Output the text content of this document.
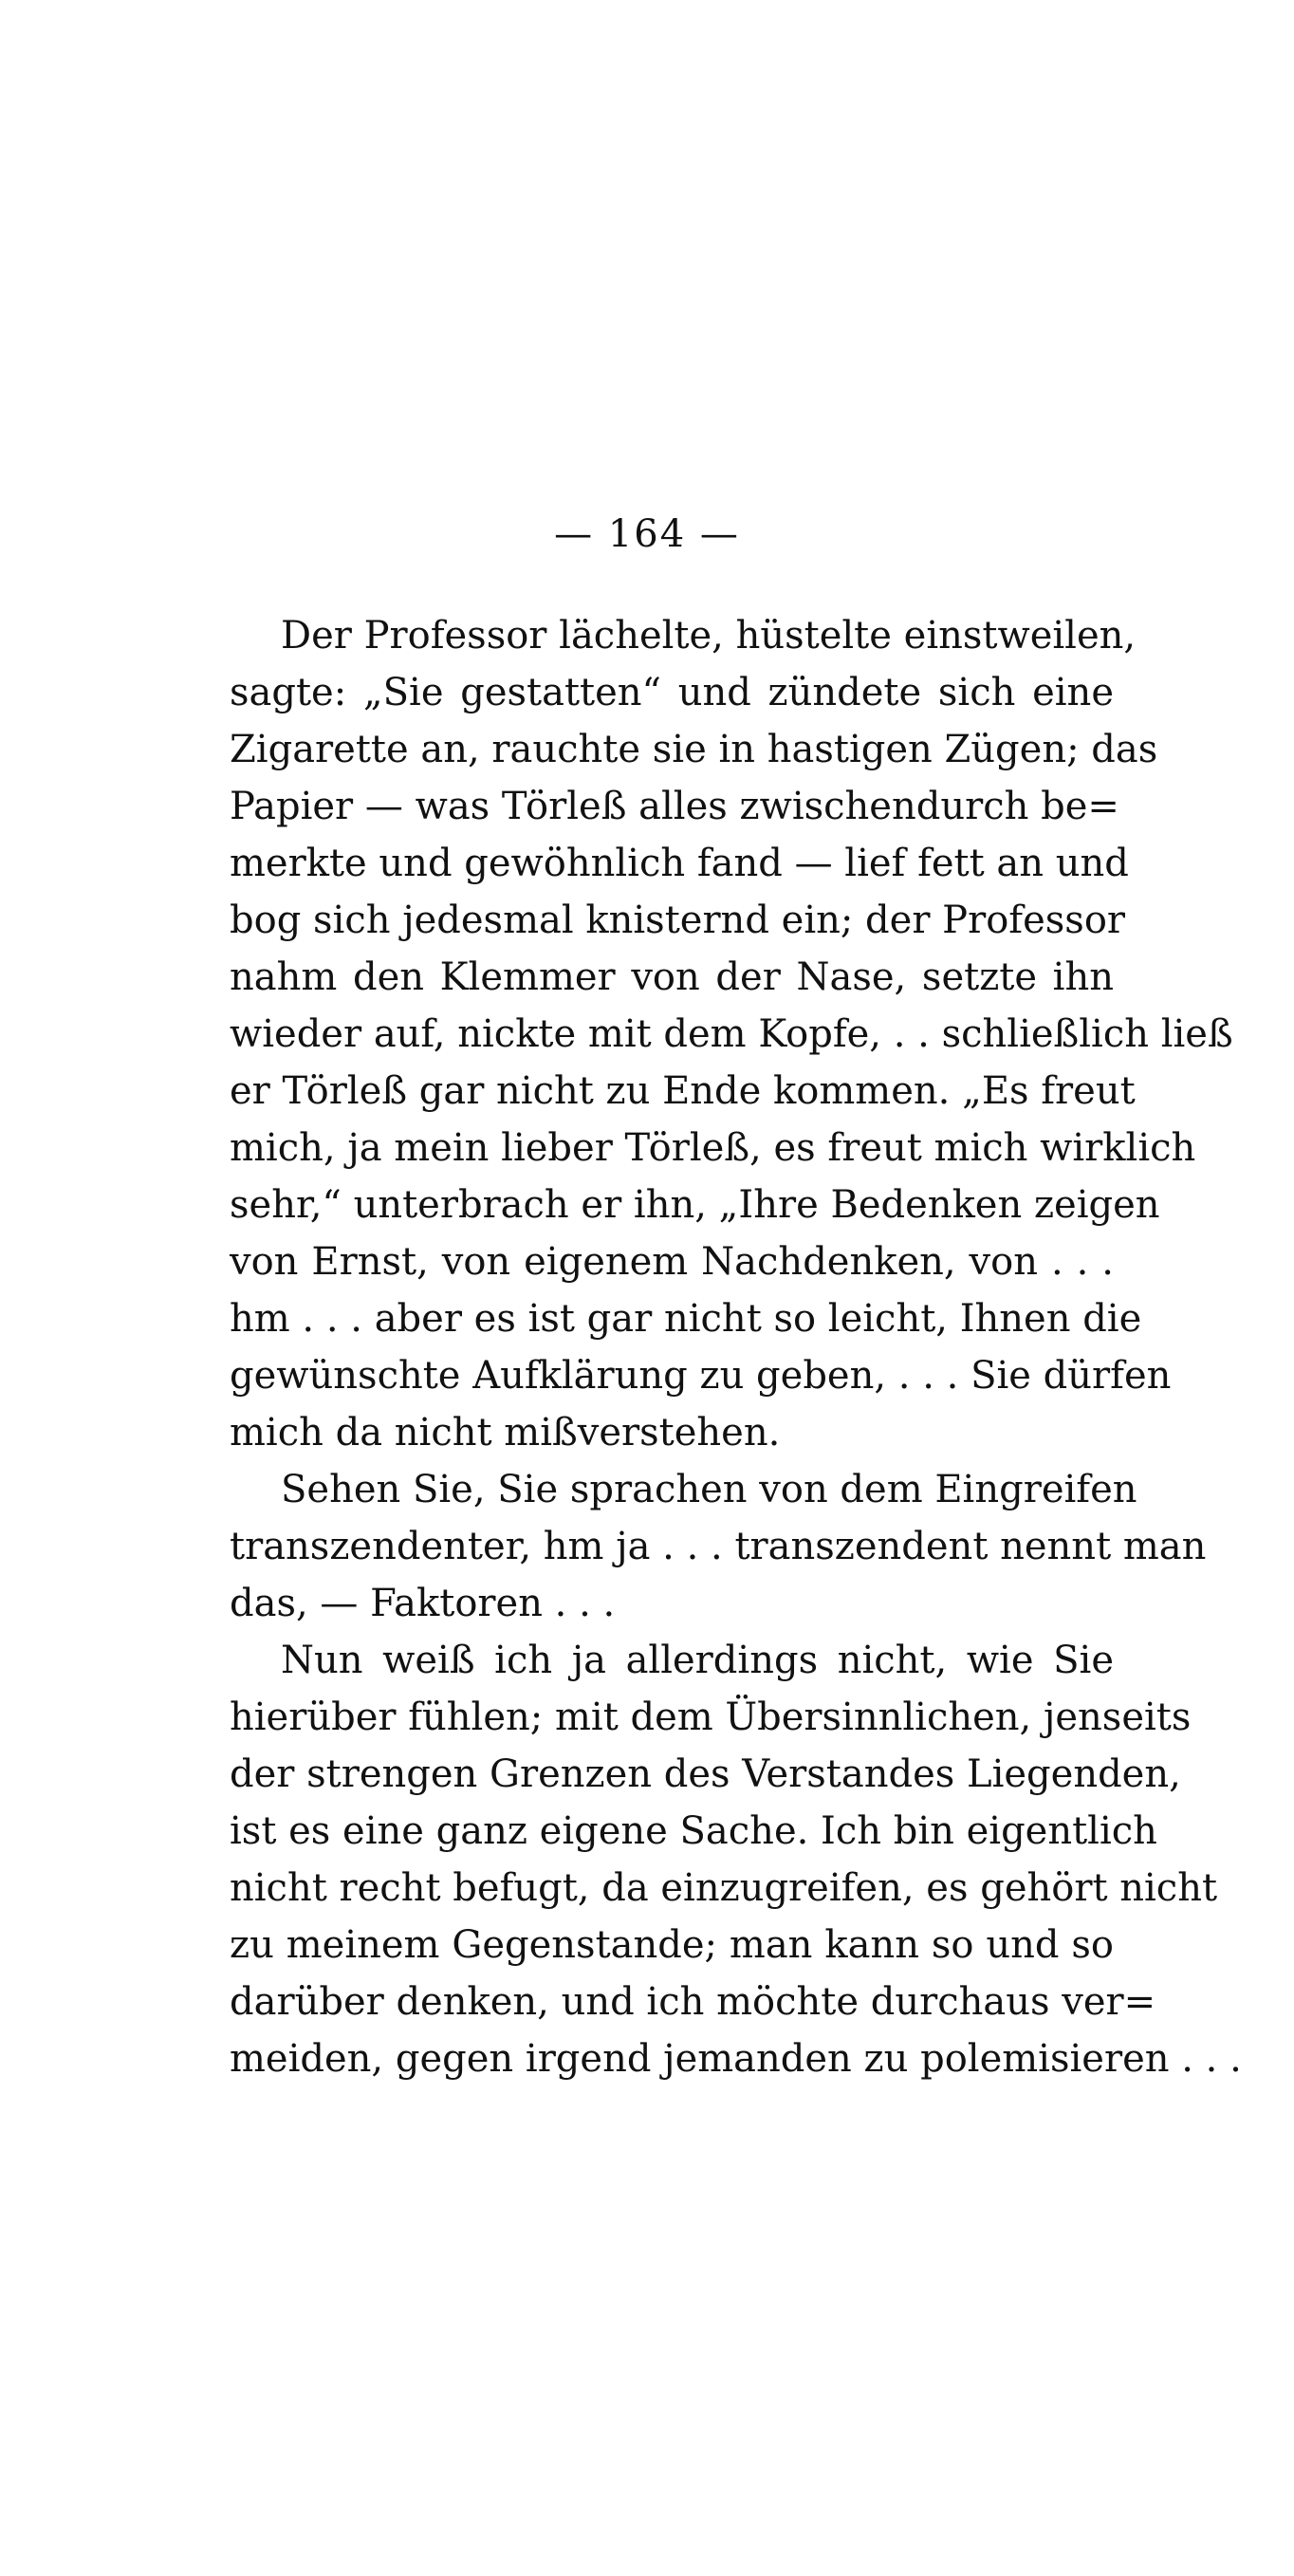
— 164 —
Der Professor lächelte, hüstelte einstweilen,
sagte: „Sie gestatten“ und zündete sich eine
Zigarette an, rauchte sie in hastigen Zügen; das
Papier — was Törleß alles zwischendurch be=
merkte und gewöhnlich fand — lief fett an und
bog sich jedesmal knisternd ein; der Professor
nahm den Klemmer von der Nase, setzte ihn
wieder auf, nickte mit dem Kopfe, . . schließlich ließ
er Törleß gar nicht zu Ende kommen. „Es freut
mich, ja mein lieber Törleß, es freut mich wirklich
sehr,“ unterbrach er ihn, „Ihre Bedenken zeigen
von Ernst, von eigenem Nachdenken, von . . .
hm . . . aber es ist gar nicht so leicht, Ihnen die
gewünschte Aufklärung zu geben, . . . Sie dürfen
mich da nicht mißverstehen.
Sehen Sie, Sie sprachen von dem Eingreifen
transzendenter, hm ja . . . transzendent nennt man
das, — Faktoren . . .
Nun weiß ich ja allerdings nicht, wie Sie
hierüber fühlen; mit dem Übersinnlichen, jenseits
der strengen Grenzen des Verstandes Liegenden,
ist es eine ganz eigene Sache. Ich bin eigentlich
nicht recht befugt, da einzugreifen, es gehört nicht
zu meinem Gegenstande; man kann so und so
darüber denken, und ich möchte durchaus ver=
meiden, gegen irgend jemanden zu polemisieren . . .
